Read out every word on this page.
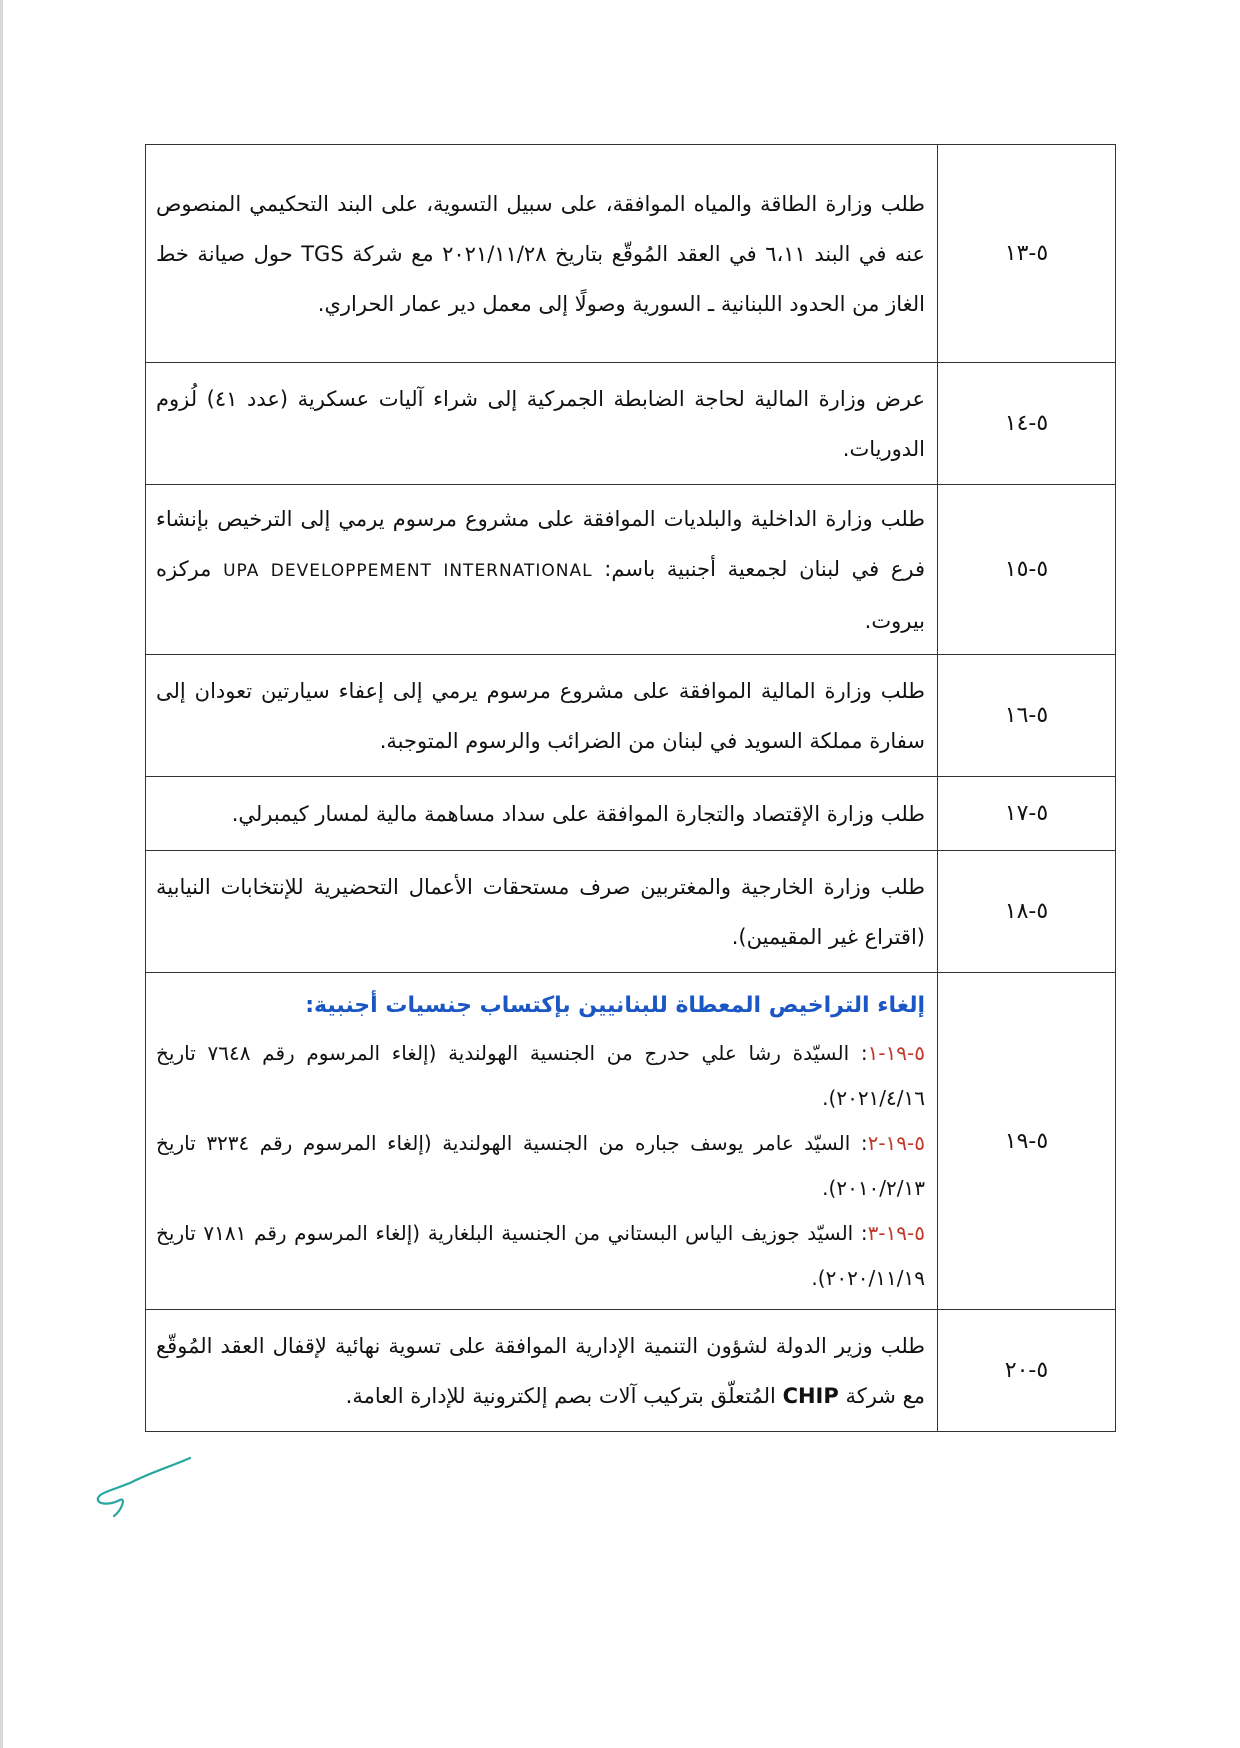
٥-١٣	طلب وزارة الطاقة والمياه الموافقة، على سبيل التسوية، على البند التحكيمي المنصوص عنه في البند ٦،١١ في العقد المُوقّع بتاريخ ٢٠٢١/١١/٢٨ مع شركة TGS حول صيانة خط الغاز من الحدود اللبنانية ـ السورية وصولًا إلى معمل دير عمار الحراري.
٥-١٤	عرض وزارة المالية لحاجة الضابطة الجمركية إلى شراء آليات عسكرية (عدد ٤١) لُزوم الدوريات.
٥-١٥	طلب وزارة الداخلية والبلديات الموافقة على مشروع مرسوم يرمي إلى الترخيص بإنشاء فرع في لبنان لجمعية أجنبية باسم: UPA DEVELOPPEMENT INTERNATIONAL مركزه بيروت.
٥-١٦	طلب وزارة المالية الموافقة على مشروع مرسوم يرمي إلى إعفاء سيارتين تعودان إلى سفارة مملكة السويد في لبنان من الضرائب والرسوم المتوجبة.
٥-١٧	طلب وزارة الإقتصاد والتجارة الموافقة على سداد مساهمة مالية لمسار كيمبرلي.
٥-١٨	طلب وزارة الخارجية والمغتربين صرف مستحقات الأعمال التحضيرية للإنتخابات النيابية (اقتراع غير المقيمين).
٥-١٩	إلغاء التراخيص المعطاة للبنانيين بإكتساب جنسيات أجنبية:
٥-١٩-١: السيّدة رشا علي حدرج من الجنسية الهولندية (إلغاء المرسوم رقم ٧٦٤٨ تاريخ ٢٠٢١/٤/١٦).
٥-١٩-٢: السيّد عامر يوسف جباره من الجنسية الهولندية (إلغاء المرسوم رقم ٣٢٣٤ تاريخ ٢٠١٠/٢/١٣).
٥-١٩-٣: السيّد جوزيف الياس البستاني من الجنسية البلغارية (إلغاء المرسوم رقم ٧١٨١ تاريخ ٢٠٢٠/١١/١٩).

٥-٢٠	طلب وزير الدولة لشؤون التنمية الإدارية الموافقة على تسوية نهائية لإقفال العقد المُوقّع مع شركة CHIP المُتعلّق بتركيب آلات بصم إلكترونية للإدارة العامة.
